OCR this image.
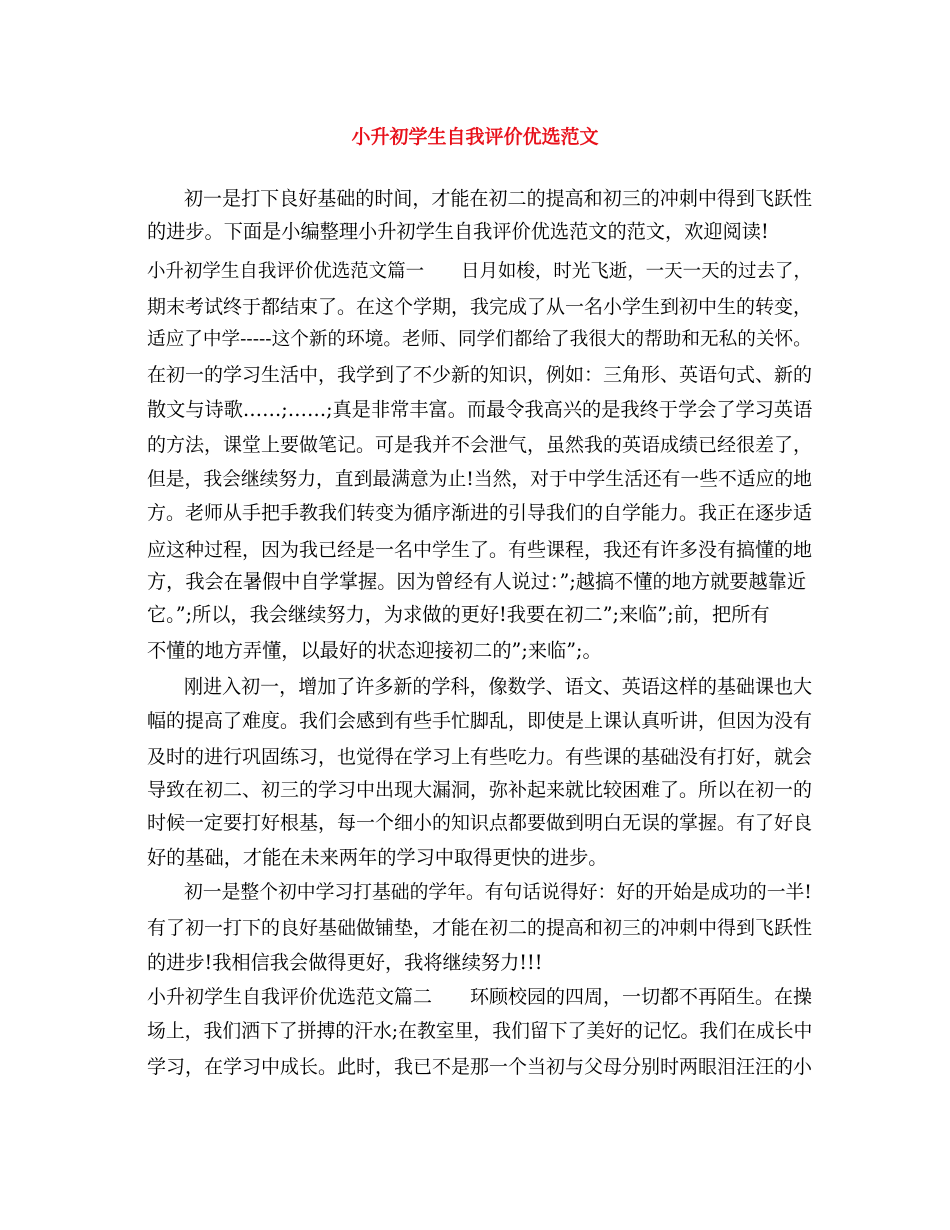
小升初学生自我评价优选范文
初一是打下良好基础的时间，才能在初二的提高和初三的冲刺中得到飞跃性
的进步。下面是小编整理小升初学生自我评价优选范文的范文，欢迎阅读!
小升初学生自我评价优选范文篇一　　日月如梭，时光飞逝，一天一天的过去了，
期末考试终于都结束了。在这个学期，我完成了从一名小学生到初中生的转变，
适应了中学-----这个新的环境。老师、同学们都给了我很大的帮助和无私的关怀。
在初一的学习生活中，我学到了不少新的知识，例如：三角形、英语句式、新的
散文与诗歌……;……;真是非常丰富。而最令我高兴的是我终于学会了学习英语
的方法，课堂上要做笔记。可是我并不会泄气，虽然我的英语成绩已经很差了，
但是，我会继续努力，直到最满意为止!当然，对于中学生活还有一些不适应的地
方。老师从手把手教我们转变为循序渐进的引导我们的自学能力。我正在逐步适
应这种过程，因为我已经是一名中学生了。有些课程，我还有许多没有搞懂的地
方，我会在暑假中自学掌握。因为曾经有人说过：”;越搞不懂的地方就要越靠近
它。”;所以，我会继续努力，为求做的更好!我要在初二”;来临”;前，把所有
不懂的地方弄懂，以最好的状态迎接初二的”;来临”;。
刚进入初一，增加了许多新的学科，像数学、语文、英语这样的基础课也大
幅的提高了难度。我们会感到有些手忙脚乱，即使是上课认真听讲，但因为没有
及时的进行巩固练习，也觉得在学习上有些吃力。有些课的基础没有打好，就会
导致在初二、初三的学习中出现大漏洞，弥补起来就比较困难了。所以在初一的
时候一定要打好根基，每一个细小的知识点都要做到明白无误的掌握。有了好良
好的基础，才能在未来两年的学习中取得更快的进步。
初一是整个初中学习打基础的学年。有句话说得好：好的开始是成功的一半!
有了初一打下的良好基础做铺垫，才能在初二的提高和初三的冲刺中得到飞跃性
的进步!我相信我会做得更好，我将继续努力!!!
小升初学生自我评价优选范文篇二　　环顾校园的四周，一切都不再陌生。在操
场上，我们洒下了拼搏的汗水;在教室里，我们留下了美好的记忆。我们在成长中
学习，在学习中成长。此时，我已不是那一个当初与父母分别时两眼泪汪汪的小
